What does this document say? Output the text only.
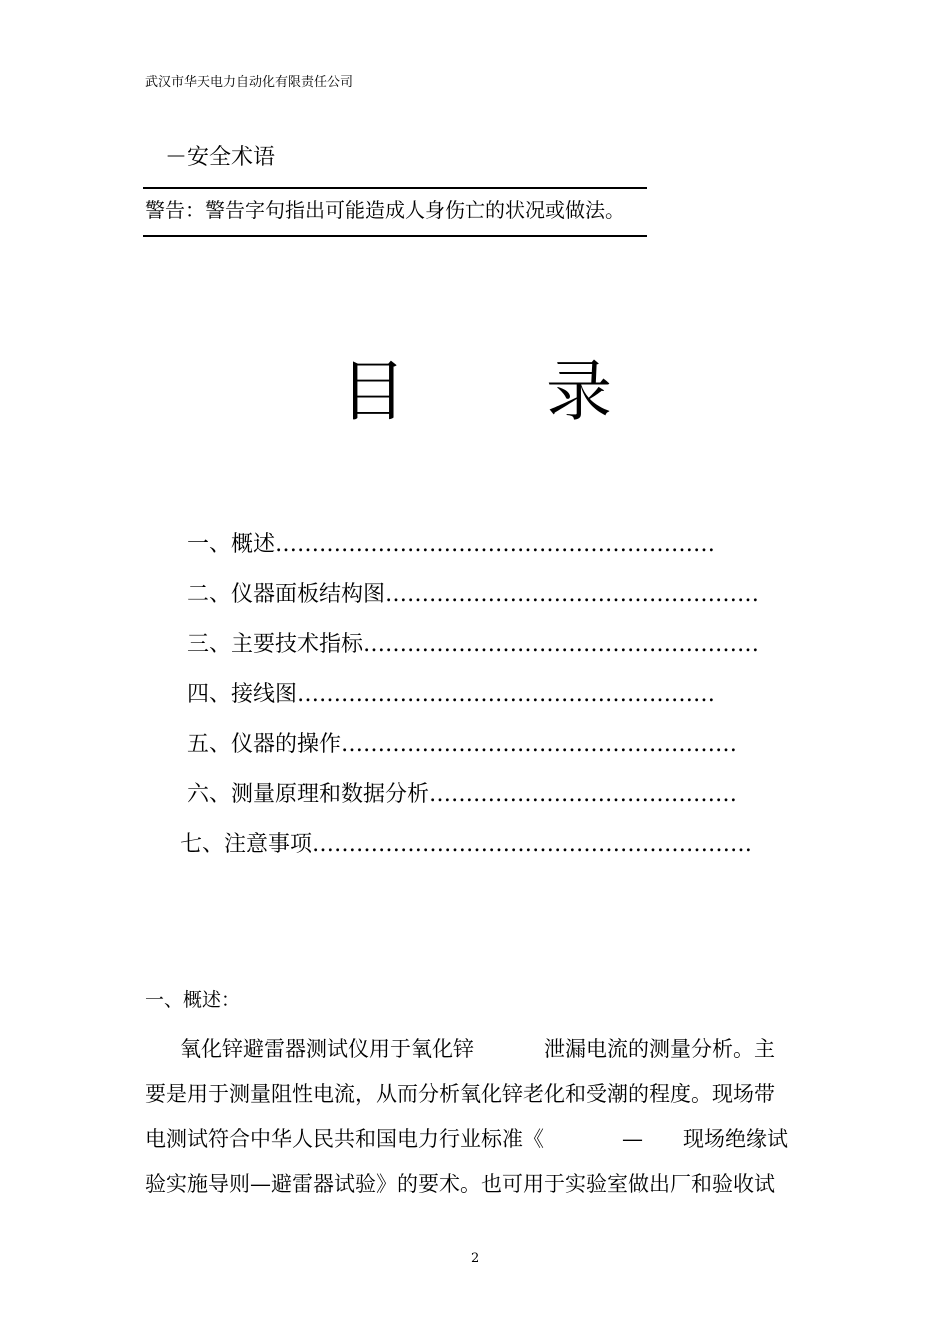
武汉市华天电力自动化有限责任公司
－安全术语
警告：警告字句指出可能造成人身伤亡的状况或做法。
目 录
一、概述……………………………………………………
二、仪器面板结构图……………………………………………
三、主要技术指标………………………………………………
四、接线图…………………………………………………
五、仪器的操作………………………………………………
六、测量原理和数据分析……………………………………
七、注意事项……………………………………………………
一、概述：
氧化锌避雷器测试仪用于氧化锌	泄漏电流的测量分析。主
要是用于测量阻性电流，从而分析氧化锌老化和受潮的程度。现场带
电测试符合中华人民共和国电力行业标准《	— 现场绝缘试
验实施导则—避雷器试验》的要术。也可用于实验室做出厂和验收试
2
